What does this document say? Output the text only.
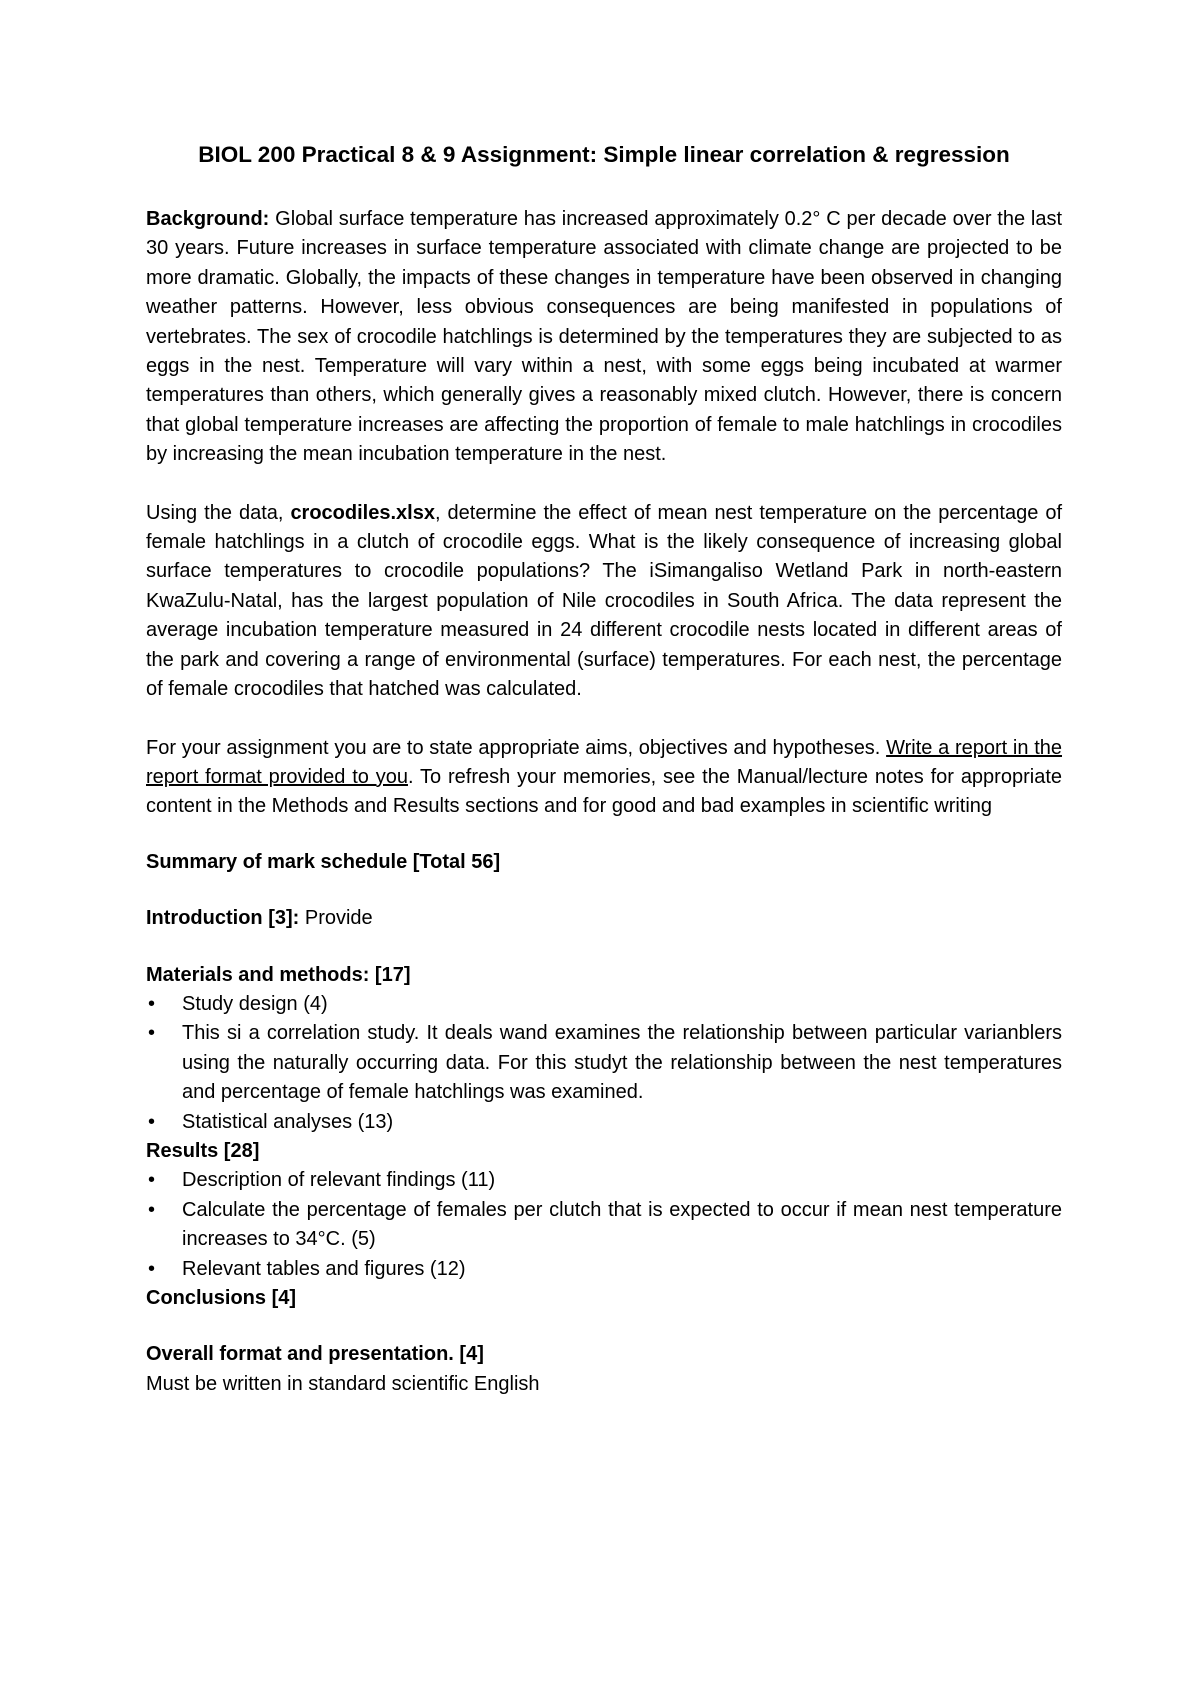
BIOL 200 Practical 8 & 9 Assignment: Simple linear correlation & regression

Background: Global surface temperature has increased approximately 0.2° C per decade over the last 30 years. Future increases in surface temperature associated with climate change are projected to be more dramatic. Globally, the impacts of these changes in temperature have been observed in changing weather patterns. However, less obvious consequences are being manifested in populations of vertebrates. The sex of crocodile hatchlings is determined by the temperatures they are subjected to as eggs in the nest. Temperature will vary within a nest, with some eggs being incubated at warmer temperatures than others, which generally gives a reasonably mixed clutch. However, there is concern that global temperature increases are affecting the proportion of female to male hatchlings in crocodiles by increasing the mean incubation temperature in the nest.

Using the data, crocodiles.xlsx, determine the effect of mean nest temperature on the percentage of female hatchlings in a clutch of crocodile eggs. What is the likely consequence of increasing global surface temperatures to crocodile populations? The iSimangaliso Wetland Park in north-eastern KwaZulu-Natal, has the largest population of Nile crocodiles in South Africa. The data represent the average incubation temperature measured in 24 different crocodile nests located in different areas of the park and covering a range of environmental (surface) temperatures. For each nest, the percentage of female crocodiles that hatched was calculated.

For your assignment you are to state appropriate aims, objectives and hypotheses. Write a report in the report format provided to you. To refresh your memories, see the Manual/lecture notes for appropriate content in the Methods and Results sections and for good and bad examples in scientific writing

Summary of mark schedule [Total 56]

Introduction [3]: Provide

Materials and methods: [17]

•	Study design (4)
•	This si a correlation study. It deals wand examines the relationship between particular varianblers using the naturally occurring data. For this studyt the relationship between the nest temperatures and percentage of female hatchlings was examined.
•	Statistical analyses (13)

Results [28]

•	Description of relevant findings (11)
•	Calculate the percentage of females per clutch that is expected to occur if mean nest temperature increases to 34°C. (5)
•	Relevant tables and figures (12)

Conclusions [4]

Overall format and presentation. [4]

Must be written in standard scientific English
